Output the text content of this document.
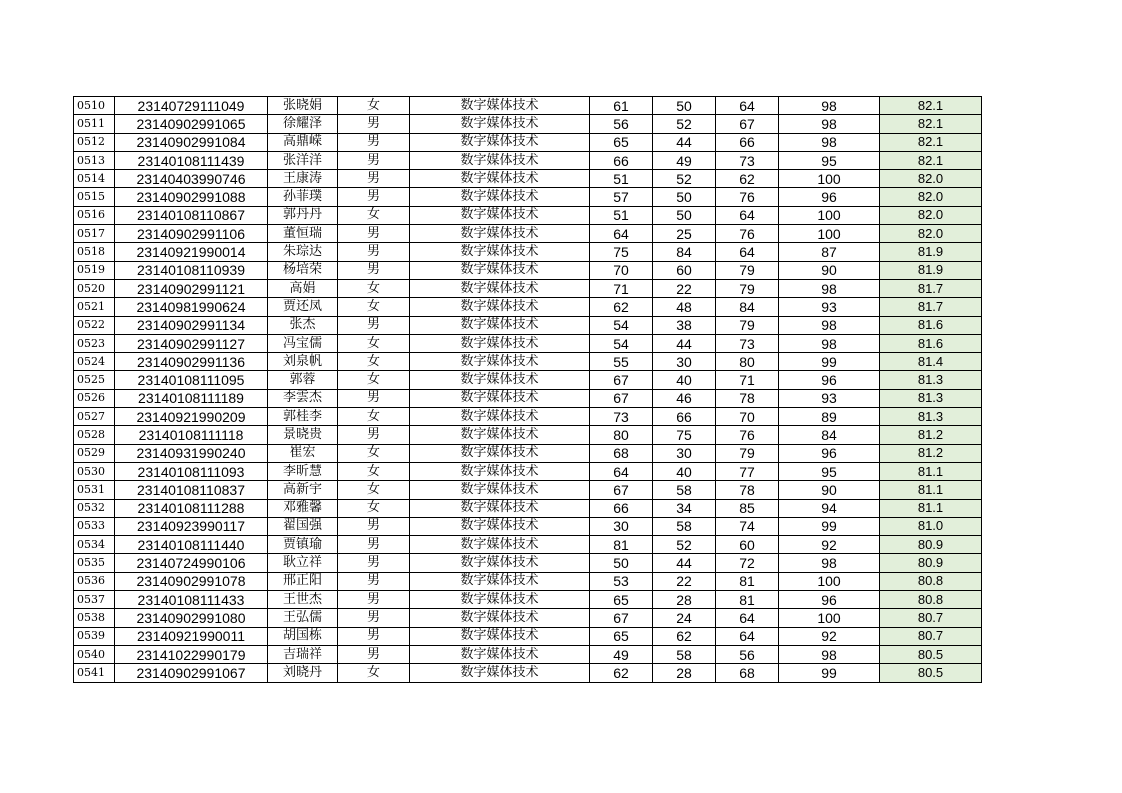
0510	23140729111049	张晓娟	女	数字媒体技术	61	50	64	98	82.1
0511	23140902991065	徐耀泽	男	数字媒体技术	56	52	67	98	82.1
0512	23140902991084	高鼎嵘	男	数字媒体技术	65	44	66	98	82.1
0513	23140108111439	张洋洋	男	数字媒体技术	66	49	73	95	82.1
0514	23140403990746	王康涛	男	数字媒体技术	51	52	62	100	82.0
0515	23140902991088	孙菲璞	男	数字媒体技术	57	50	76	96	82.0
0516	23140108110867	郭丹丹	女	数字媒体技术	51	50	64	100	82.0
0517	23140902991106	董恒瑞	男	数字媒体技术	64	25	76	100	82.0
0518	23140921990014	朱琮达	男	数字媒体技术	75	84	64	87	81.9
0519	23140108110939	杨培荣	男	数字媒体技术	70	60	79	90	81.9
0520	23140902991121	高娟	女	数字媒体技术	71	22	79	98	81.7
0521	23140981990624	贾还凤	女	数字媒体技术	62	48	84	93	81.7
0522	23140902991134	张杰	男	数字媒体技术	54	38	79	98	81.6
0523	23140902991127	冯宝儒	女	数字媒体技术	54	44	73	98	81.6
0524	23140902991136	刘泉帆	女	数字媒体技术	55	30	80	99	81.4
0525	23140108111095	郭蓉	女	数字媒体技术	67	40	71	96	81.3
0526	23140108111189	李雲杰	男	数字媒体技术	67	46	78	93	81.3
0527	23140921990209	郭桂李	女	数字媒体技术	73	66	70	89	81.3
0528	23140108111118	景晓贵	男	数字媒体技术	80	75	76	84	81.2
0529	23140931990240	崔宏	女	数字媒体技术	68	30	79	96	81.2
0530	23140108111093	李昕慧	女	数字媒体技术	64	40	77	95	81.1
0531	23140108110837	高新宇	女	数字媒体技术	67	58	78	90	81.1
0532	23140108111288	邓雅馨	女	数字媒体技术	66	34	85	94	81.1
0533	23140923990117	翟国强	男	数字媒体技术	30	58	74	99	81.0
0534	23140108111440	贾镇瑜	男	数字媒体技术	81	52	60	92	80.9
0535	23140724990106	耿立祥	男	数字媒体技术	50	44	72	98	80.9
0536	23140902991078	邢正阳	男	数字媒体技术	53	22	81	100	80.8
0537	23140108111433	王世杰	男	数字媒体技术	65	28	81	96	80.8
0538	23140902991080	王弘儒	男	数字媒体技术	67	24	64	100	80.7
0539	23140921990011	胡国栋	男	数字媒体技术	65	62	64	92	80.7
0540	23141022990179	吉瑞祥	男	数字媒体技术	49	58	56	98	80.5
0541	23140902991067	刘晓丹	女	数字媒体技术	62	28	68	99	80.5
